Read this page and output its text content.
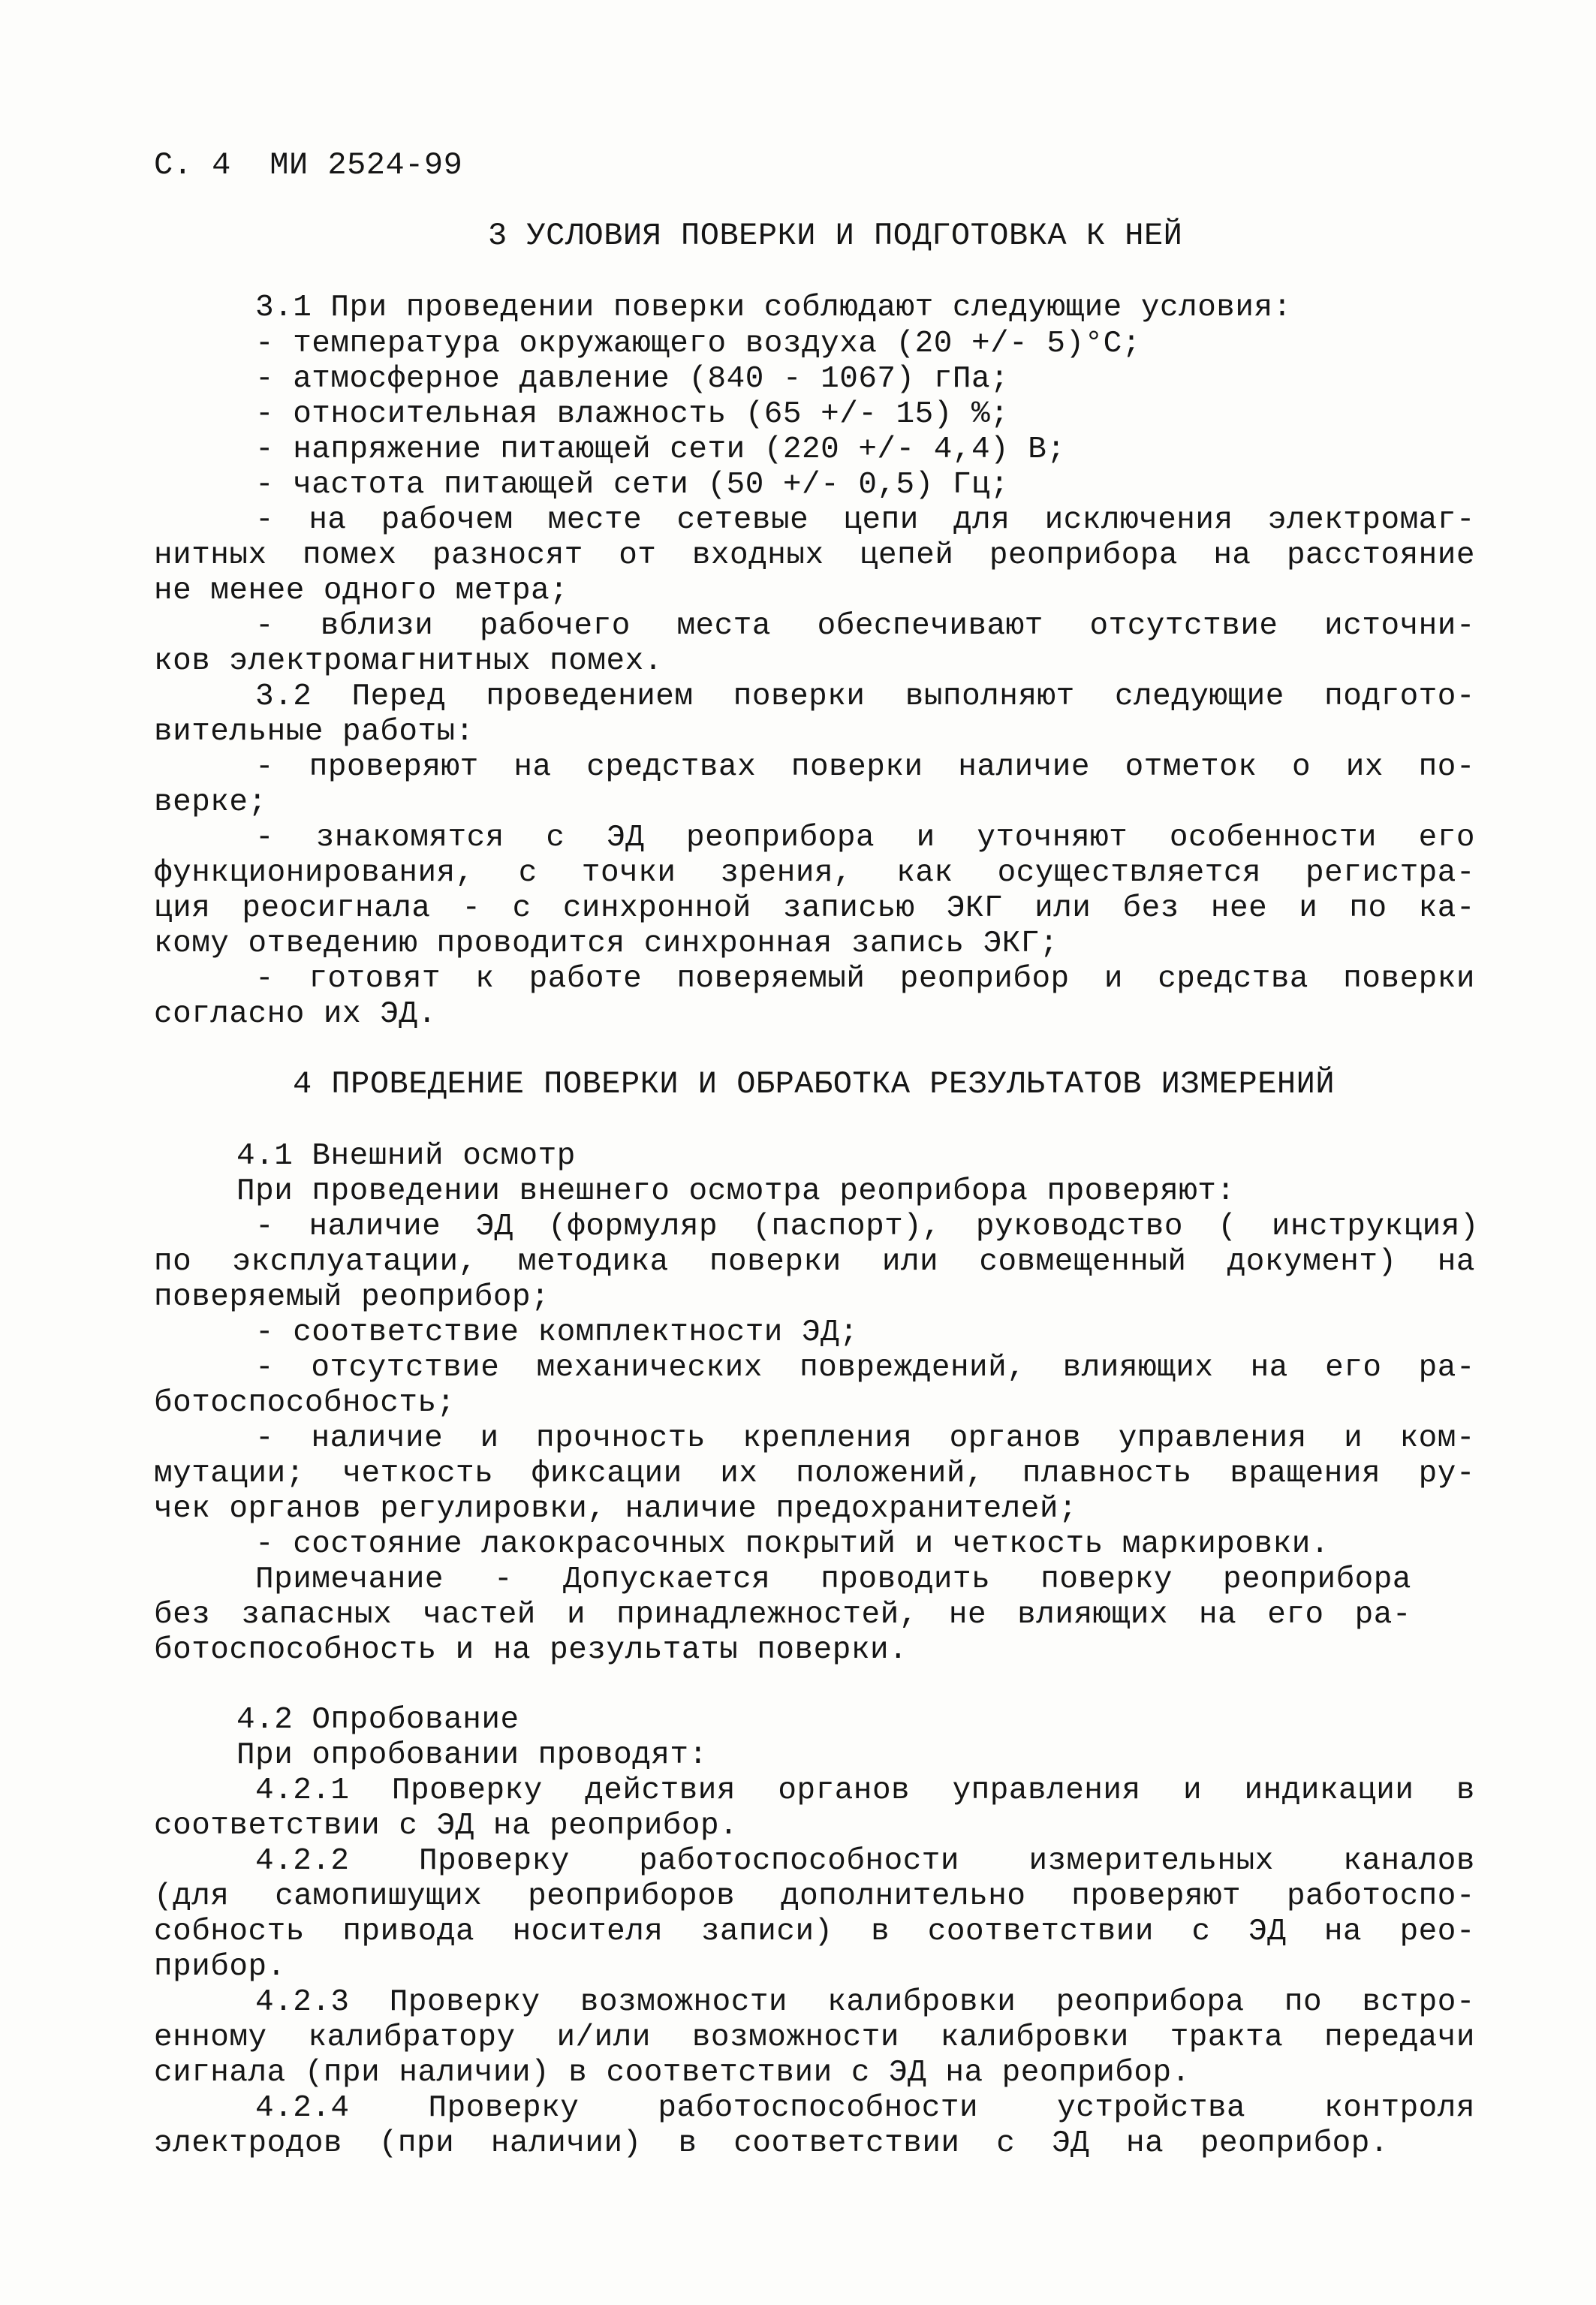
С. 4 МИ 2524-99
3 УСЛОВИЯ ПОВЕРКИ И ПОДГОТОВКА К НЕЙ
3.1 При проведении поверки соблюдают следующие условия:
- температура окружающего воздуха (20 +/- 5)°С;
- атмосферное давление (840 - 1067) гПа;
- относительная влажность (65 +/- 15) %;
- напряжение питающей сети (220 +/- 4,4) В;
- частота питающей сети (50 +/- 0,5) Гц;
- на рабочем месте сетевые цепи для исключения электромаг-
нитных помех разносят от входных цепей реоприбора на расстояние
не менее одного метра;
- вблизи рабочего места обеспечивают отсутствие источни-
ков электромагнитных помех.
3.2 Перед проведением поверки выполняют следующие подгото-
вительные работы:
- проверяют на средствах поверки наличие отметок о их по-
верке;
- знакомятся с ЭД реоприбора и уточняют особенности его
функционирования, с точки зрения, как осуществляется регистра-
ция реосигнала - с синхронной записью ЭКГ или без нее и по ка-
кому отведению проводится синхронная запись ЭКГ;
- готовят к работе поверяемый реоприбор и средства поверки
согласно их ЭД.
4 ПРОВЕДЕНИЕ ПОВЕРКИ И ОБРАБОТКА РЕЗУЛЬТАТОВ ИЗМЕРЕНИЙ
4.1 Внешний осмотр
При проведении внешнего осмотра реоприбора проверяют:
- наличие ЭД (формуляр (паспорт), руководство ( инструкция)
по эксплуатации, методика поверки или совмещенный документ) на
поверяемый реоприбор;
- соответствие комплектности ЭД;
- отсутствие механических повреждений, влияющих на его ра-
ботоспособность;
- наличие и прочность крепления органов управления и ком-
мутации; четкость фиксации их положений, плавность вращения ру-
чек органов регулировки, наличие предохранителей;
- состояние лакокрасочных покрытий и четкость маркировки.
Примечание - Допускается проводить поверку реоприбора
без запасных частей и принадлежностей, не влияющих на его ра-
ботоспособность и на результаты поверки.
4.2 Опробование
При опробовании проводят:
4.2.1 Проверку действия органов управления и индикации в
соответствии с ЭД на реоприбор.
4.2.2 Проверку работоспособности измерительных каналов
(для самопишущих реоприборов дополнительно проверяют работоспо-
собность привода носителя записи) в соответствии с ЭД на рео-
прибор.
4.2.3 Проверку возможности калибровки реоприбора по встро-
енному калибратору и/или возможности калибровки тракта передачи
сигнала (при наличии) в соответствии с ЭД на реоприбор.
4.2.4 Проверку работоспособности устройства контроля
электродов (при наличии) в соответствии с ЭД на реоприбор.
